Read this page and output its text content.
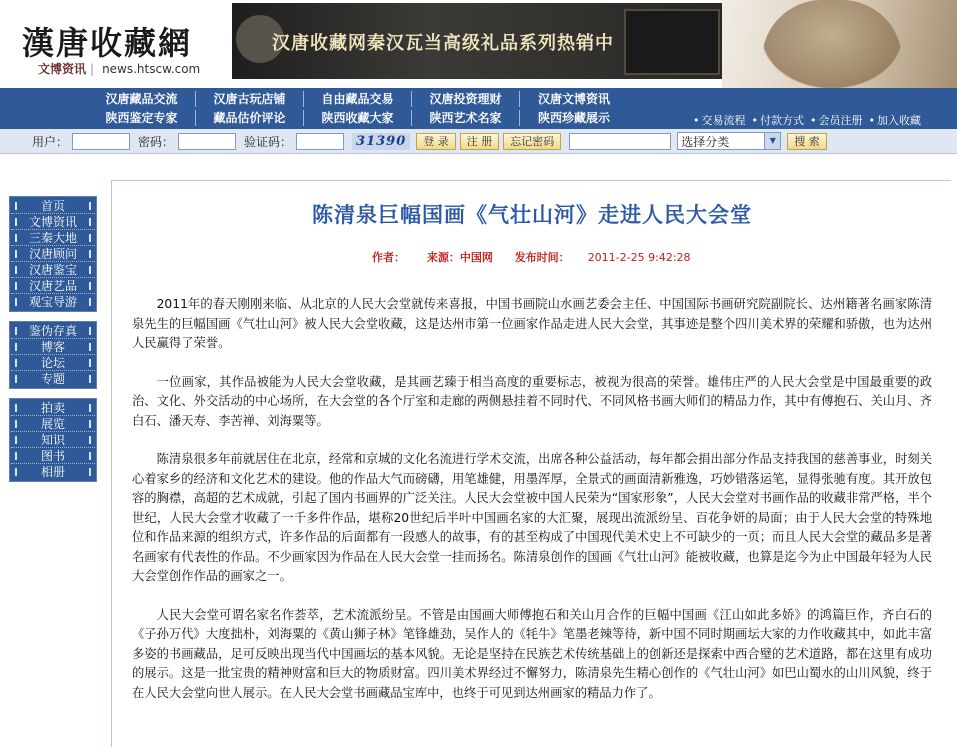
漢唐收藏網
文博资讯 | news.htscw.com
汉唐收藏网秦汉瓦当高级礼品系列热销中
汉唐藏品交流	汉唐古玩店铺	自由藏品交易	汉唐投资理财	汉唐文博资讯
陕西鉴定专家	藏品估价评论	陕西收藏大家	陕西艺术名家	陕西珍藏展示	• 交易流程 • 付款方式 • 会员注册 • 加入收藏
用户：	密码：	验证码：	31390	登 录	注 册	忘记密码	选择分类	▼	搜 索
首页
文博资讯
三秦大地
汉唐顾问
汉唐鉴宝
汉唐艺品
观宝导游
鉴伪存真
博客
论坛
专题
拍卖
展览
知识
图书
相册
陈清泉巨幅国画《气壮山河》走进人民大会堂
作者： 来源：中国网 发布时间： 2011-2-25 9:42:28

2011年的春天刚刚来临、从北京的人民大会堂就传来喜报，中国书画院山水画艺委会主任、中国国际书画研究院副院长、达州籍著名画家陈清泉先生的巨幅国画《气壮山河》被人民大会堂收藏，这是达州市第一位画家作品走进人民大会堂，其事迹是整个四川美术界的荣耀和骄傲，也为达州人民赢得了荣誉。

一位画家，其作品被能为人民大会堂收藏，是其画艺臻于相当高度的重要标志，被视为很高的荣誉。雄伟庄严的人民大会堂是中国最重要的政治、文化、外交活动的中心场所，在大会堂的各个厅室和走廊的两侧悬挂着不同时代、不同风格书画大师们的精品力作，其中有傅抱石、关山月、齐白石、潘天寿、李苦禅、刘海粟等。

陈清泉很多年前就居住在北京，经常和京城的文化名流进行学术交流，出席各种公益活动，每年都会捐出部分作品支持我国的慈善事业，时刻关心着家乡的经济和文化艺术的建设。他的作品大气而磅礴，用笔雄健，用墨浑厚，全景式的画面清新雅逸，巧妙错落运笔，显得张驰有度。其开放包容的胸襟，高超的艺术成就，引起了国内书画界的广泛关注。人民大会堂被中国人民荣为“国家形象”，人民大会堂对书画作品的收藏非常严格，半个世纪，人民大会堂才收藏了一千多件作品，堪称20世纪后半叶中国画名家的大汇聚，展现出流派纷呈、百花争妍的局面；由于人民大会堂的特殊地位和作品来源的组织方式，许多作品的后面都有一段感人的故事，有的甚至构成了中国现代美术史上不可缺少的一页；而且人民大会堂的藏品多是著名画家有代表性的作品。不少画家因为作品在人民大会堂一挂而扬名。陈清泉创作的国画《气壮山河》能被收藏，也算是迄今为止中国最年轻为人民大会堂创作作品的画家之一。

人民大会堂可谓名家名作荟萃，艺术流派纷呈。不管是由国画大师傅抱石和关山月合作的巨幅中国画《江山如此多娇》的鸿篇巨作，齐白石的《子孙万代》大度拙朴，刘海粟的《黄山狮子林》笔锋雄劲，吴作人的《牦牛》笔墨老辣等待，新中国不同时期画坛大家的力作收藏其中，如此丰富多姿的书画藏品，足可反映出现当代中国画坛的基本风貌。无论是坚持在民族艺术传统基础上的创新还是探索中西合璧的艺术道路，都在这里有成功的展示。这是一批宝贵的精神财富和巨大的物质财富。四川美术界经过不懈努力，陈清泉先生精心创作的《气壮山河》如巴山蜀水的山川风貌，终于在人民大会堂向世人展示。在人民大会堂书画藏品宝库中，也终于可见到达州画家的精品力作了。
